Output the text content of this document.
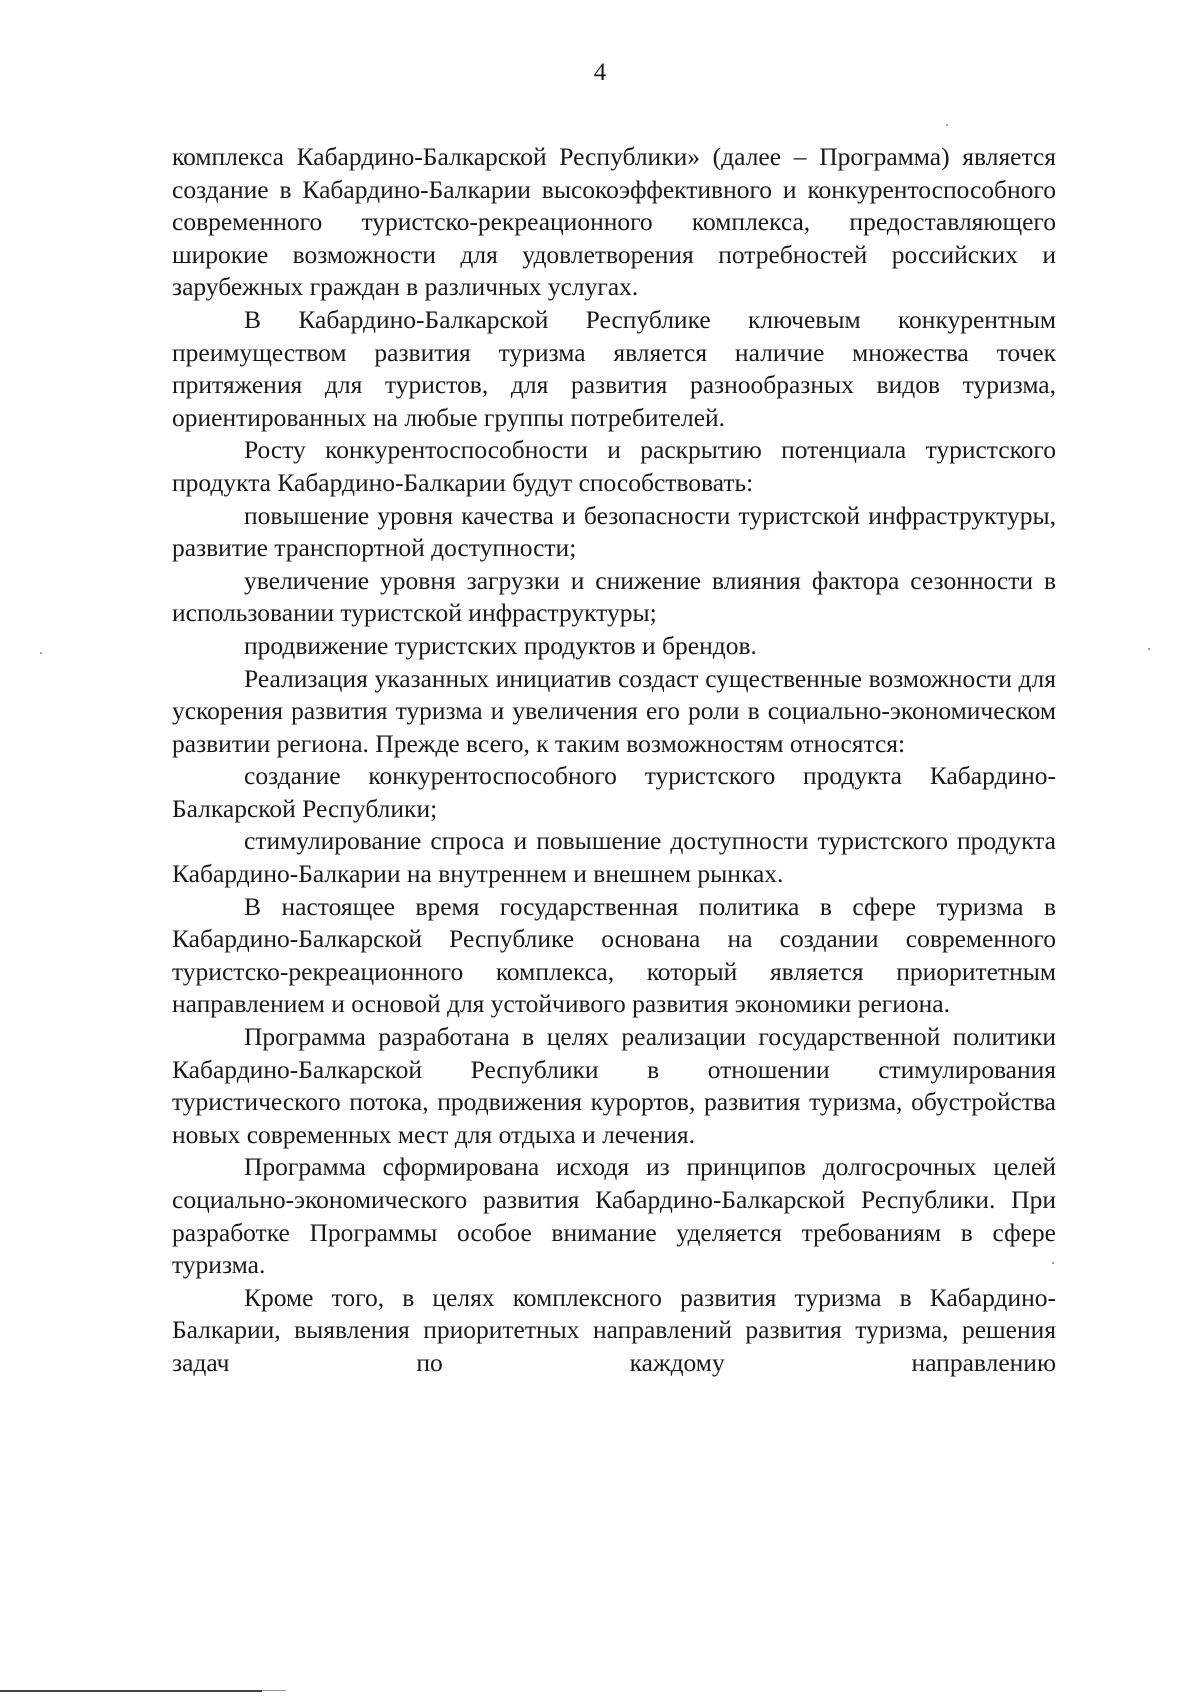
4

комплекса Кабардино-Балкарской Республики» (далее – Программа) является создание в Кабардино-Балкарии высокоэффективного и конкурентоспособного современного туристско-рекреационного комплекса, предоставляющего широкие возможности для удовлетворения потребностей российских и зарубежных граждан в различных услугах.

В Кабардино-Балкарской Республике ключевым конкурентным преимуществом развития туризма является наличие множества точек притяжения для туристов, для развития разнообразных видов туризма, ориентированных на любые группы потребителей.

Росту конкурентоспособности и раскрытию потенциала туристского продукта Кабардино-Балкарии будут способствовать:

повышение уровня качества и безопасности туристской инфраструктуры, развитие транспортной доступности;

увеличение уровня загрузки и снижение влияния фактора сезонности в использовании туристской инфраструктуры;

продвижение туристских продуктов и брендов.

Реализация указанных инициатив создаст существенные возможности для ускорения развития туризма и увеличения его роли в социально-экономическом развитии региона. Прежде всего, к таким возможностям относятся:

создание конкурентоспособного туристского продукта Кабардино-Балкарской Республики;

стимулирование спроса и повышение доступности туристского продукта Кабардино-Балкарии на внутреннем и внешнем рынках.

В настоящее время государственная политика в сфере туризма в Кабардино-Балкарской Республике основана на создании современного туристско-рекреационного комплекса, который является приоритетным направлением и основой для устойчивого развития экономики региона.

Программа разработана в целях реализации государственной политики Кабардино-Балкарской Республики в отношении стимулирования туристического потока, продвижения курортов, развития туризма, обустройства новых современных мест для отдыха и лечения.

Программа сформирована исходя из принципов долгосрочных целей социально-экономического развития Кабардино-Балкарской Республики. При разработке Программы особое внимание уделяется требованиям в сфере туризма.

Кроме того, в целях комплексного развития туризма в Кабардино-Балкарии, выявления приоритетных направлений развития туризма, решения задач по каждому направлению
